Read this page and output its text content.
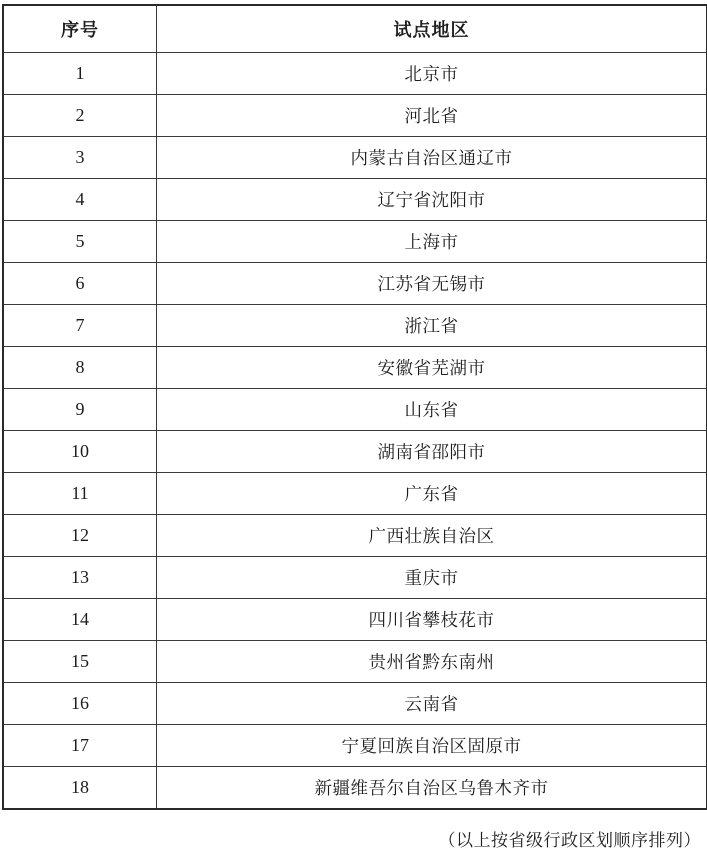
序号	试点地区
1	北京市
2	河北省
3	内蒙古自治区通辽市
4	辽宁省沈阳市
5	上海市
6	江苏省无锡市
7	浙江省
8	安徽省芜湖市
9	山东省
10	湖南省邵阳市
11	广东省
12	广西壮族自治区
13	重庆市
14	四川省攀枝花市
15	贵州省黔东南州
16	云南省
17	宁夏回族自治区固原市
18	新疆维吾尔自治区乌鲁木齐市
（以上按省级行政区划顺序排列）
